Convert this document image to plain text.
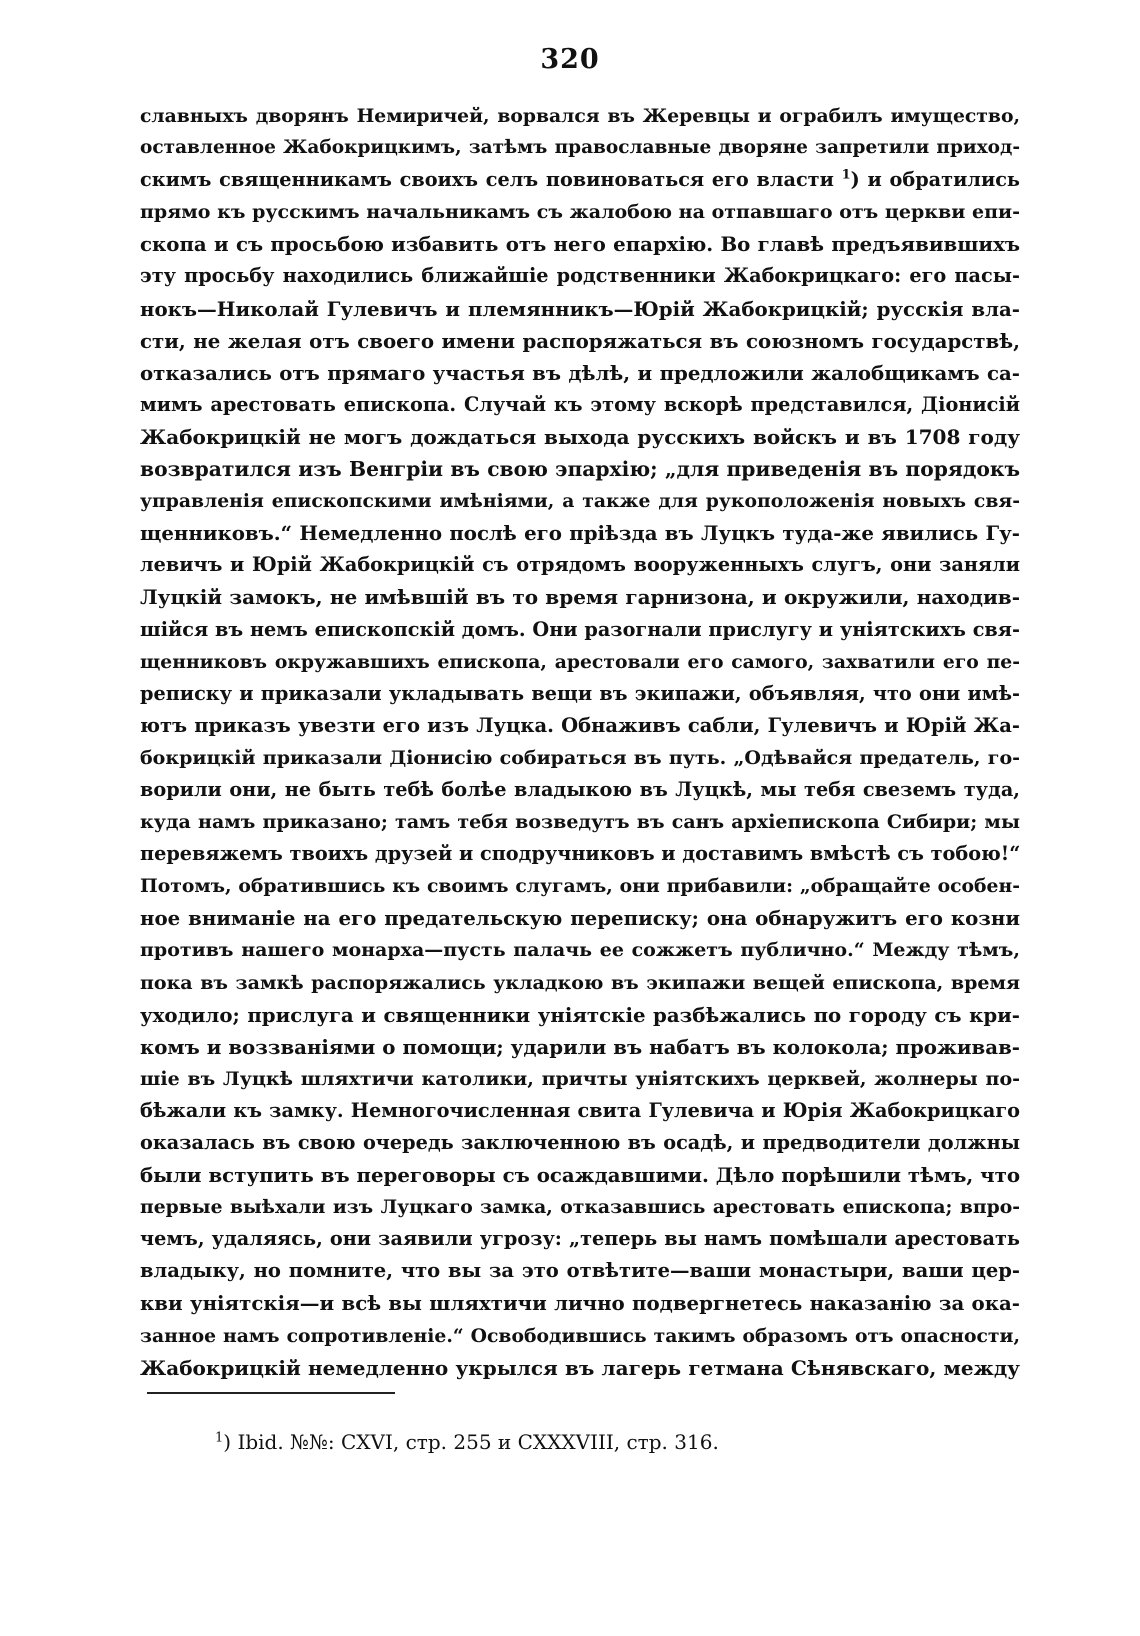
320
славныхъ дворянъ Немиричей, ворвался въ Жеревцы и ограбилъ имущество,
оставленное Жабокрицкимъ, затѣмъ православные дворяне запретили приход-
скимъ священникамъ своихъ селъ повиноваться его власти $^1$) и обратились
прямо къ русскимъ начальникамъ съ жалобою на отпавшаго отъ церкви епи-
скопа и съ просьбою избавить отъ него епархію. Во главѣ предъявившихъ
эту просьбу находились ближайшіе родственники Жабокрицкаго: его пасы-
нокъ—Николай Гулевичъ и племянникъ—Юрій Жабокрицкій; русскія вла-
сти, не желая отъ своего имени распоряжаться въ союзномъ государствѣ,
отказались отъ прямаго участья въ дѣлѣ, и предложили жалобщикамъ са-
мимъ арестовать епископа. Случай къ этому вскорѣ представился, Діонисій
Жабокрицкій не могъ дождаться выхода русскихъ войскъ и въ 1708 году
возвратился изъ Венгріи въ свою эпархію; „для приведенія въ порядокъ
управленія епископскими имѣніями, а также для рукоположенія новыхъ свя-
щенниковъ.“ Немедленно послѣ его пріѣзда въ Луцкъ туда-же явились Гу-
левичъ и Юрій Жабокрицкій съ отрядомъ вооруженныхъ слугъ, они заняли
Луцкій замокъ, не имѣвшій въ то время гарнизона, и окружили, находив-
шійся въ немъ епископскій домъ. Они разогнали прислугу и уніятскихъ свя-
щенниковъ окружавшихъ епископа, арестовали его самого, захватили его пе-
реписку и приказали укладывать вещи въ экипажи, объявляя, что они имѣ-
ютъ приказъ увезти его изъ Луцка. Обнаживъ сабли, Гулевичъ и Юрій Жа-
бокрицкій приказали Діонисію собираться въ путь. „Одѣвайся предатель, го-
ворили они, не быть тебѣ болѣе владыкою въ Луцкѣ, мы тебя свеземъ туда,
куда намъ приказано; тамъ тебя возведутъ въ санъ архіепископа Сибири; мы
перевяжемъ твоихъ друзей и сподручниковъ и доставимъ вмѣстѣ съ тобою!“
Потомъ, обратившись къ своимъ слугамъ, они прибавили: „обращайте особен-
ное вниманіе на его предательскую переписку; она обнаружитъ его козни
противъ нашего монарха—пусть палачь ее сожжетъ публично.“ Между тѣмъ,
пока въ замкѣ распоряжались укладкою въ экипажи вещей епископа, время
уходило; прислуга и священники уніятскіе разбѣжались по городу съ кри-
комъ и воззваніями о помощи; ударили въ набатъ въ колокола; проживав-
шіе въ Луцкѣ шляхтичи католики, причты уніятскихъ церквей, жолнеры по-
бѣжали къ замку. Немногочисленная свита Гулевича и Юрія Жабокрицкаго
оказалась въ свою очередь заключенною въ осадѣ, и предводители должны
были вступить въ переговоры съ осаждавшими. Дѣло порѣшили тѣмъ, что
первые выѣхали изъ Луцкаго замка, отказавшись арестовать епископа; впро-
чемъ, удаляясь, они заявили угрозу: „теперь вы намъ помѣшали арестовать
владыку, но помните, что вы за это отвѣтите—ваши монастыри, ваши цер-
кви уніятскія—и всѣ вы шляхтичи лично подвергнетесь наказанію за ока-
занное намъ сопротивленіе.“ Освободившись такимъ образомъ отъ опасности,
Жабокрицкій немедленно укрылся въ лагерь гетмана Сѣнявскаго, между
$^1$) Ibid. №№: CXVI, стр. 255 и CXXXVIII, стр. 316.
